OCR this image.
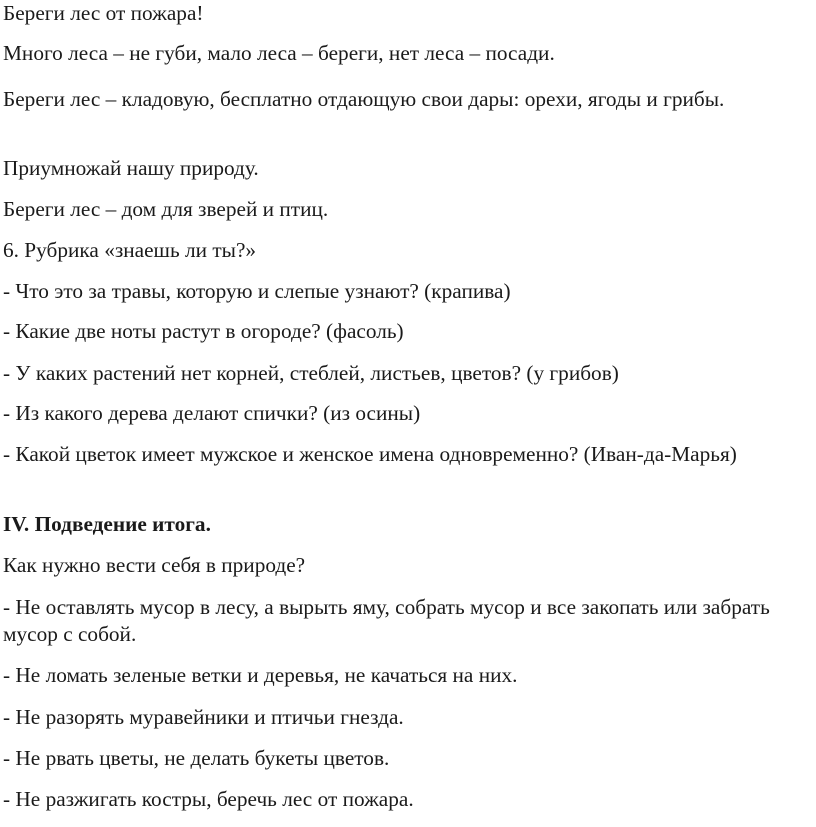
Береги лес от пожара!

Много леса – не губи, мало леса – береги, нет леса – посади.

Береги лес – кладовую, бесплатно отдающую свои дары: орехи, ягоды и грибы.

Приумножай нашу природу.

Береги лес – дом для зверей и птиц.

6. Рубрика «знаешь ли ты?»

- Что это за травы, которую и слепые узнают? (крапива)

- Какие две ноты растут в огороде? (фасоль)

- У каких растений нет корней, стеблей, листьев, цветов? (у грибов)

- Из какого дерева делают спички? (из осины)

- Какой цветок имеет мужское и женское имена одновременно? (Иван-да-Марья)

IV. Подведение итога.

Как нужно вести себя в природе?

- Не оставлять мусор в лесу, а вырыть яму, собрать мусор и все закопать или забрать мусор с собой.

- Не ломать зеленые ветки и деревья, не качаться на них.

- Не разорять муравейники и птичьи гнезда.

- Не рвать цветы, не делать букеты цветов.

- Не разжигать костры, беречь лес от пожара.
